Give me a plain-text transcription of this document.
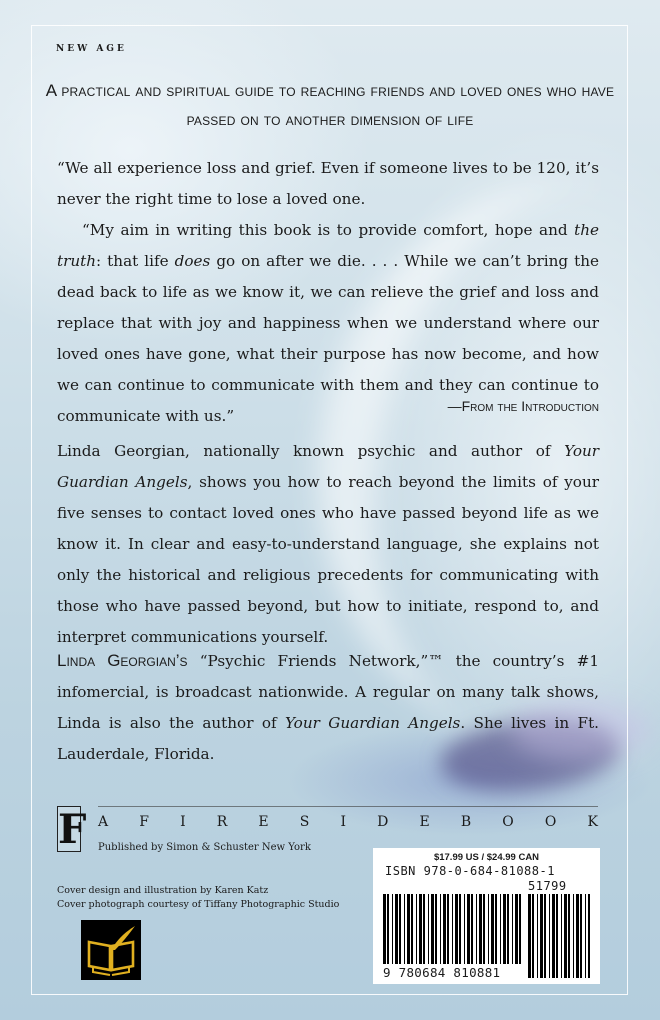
NEW AGE
A practical and spiritual guide to reaching friends and loved ones who have passed on to another dimension of life

“We all experience loss and grief. Even if someone lives to be 120, it’s never the right time to lose a loved one.

“My aim in writing this book is to provide comfort, hope and the truth: that life does go on after we die. . . . While we can’t bring the dead back to life as we know it, we can relieve the grief and loss and replace that with joy and happiness when we understand where our loved ones have gone, what their purpose has now become, and how we can continue to communicate with them and they can continue to communicate with us.”

—From the Introduction

Linda Georgian, nationally known psychic and author of Your Guardian Angels, shows you how to reach beyond the limits of your five senses to contact loved ones who have passed beyond life as we know it. In clear and easy-to-understand language, she explains not only the historical and religious precedents for communicating with those who have passed beyond, but how to initiate, respond to, and interpret communications yourself.

Linda Georgian’s “Psychic Friends Network,”™ the country’s #1 infomercial, is broadcast nationwide. A regular on many talk shows, Linda is also the author of Your Guardian Angels. She lives in Ft. Lauderdale, Florida.

F A F I R E S I D E B O O K
Published by Simon & Schuster New York
Cover design and illustration by Karen Katz
Cover photograph courtesy of Tiffany Photographic Studio
$17.99 US / $24.99 CAN
ISBN 978-0-684-81088-1
51799
9 780684 810881
